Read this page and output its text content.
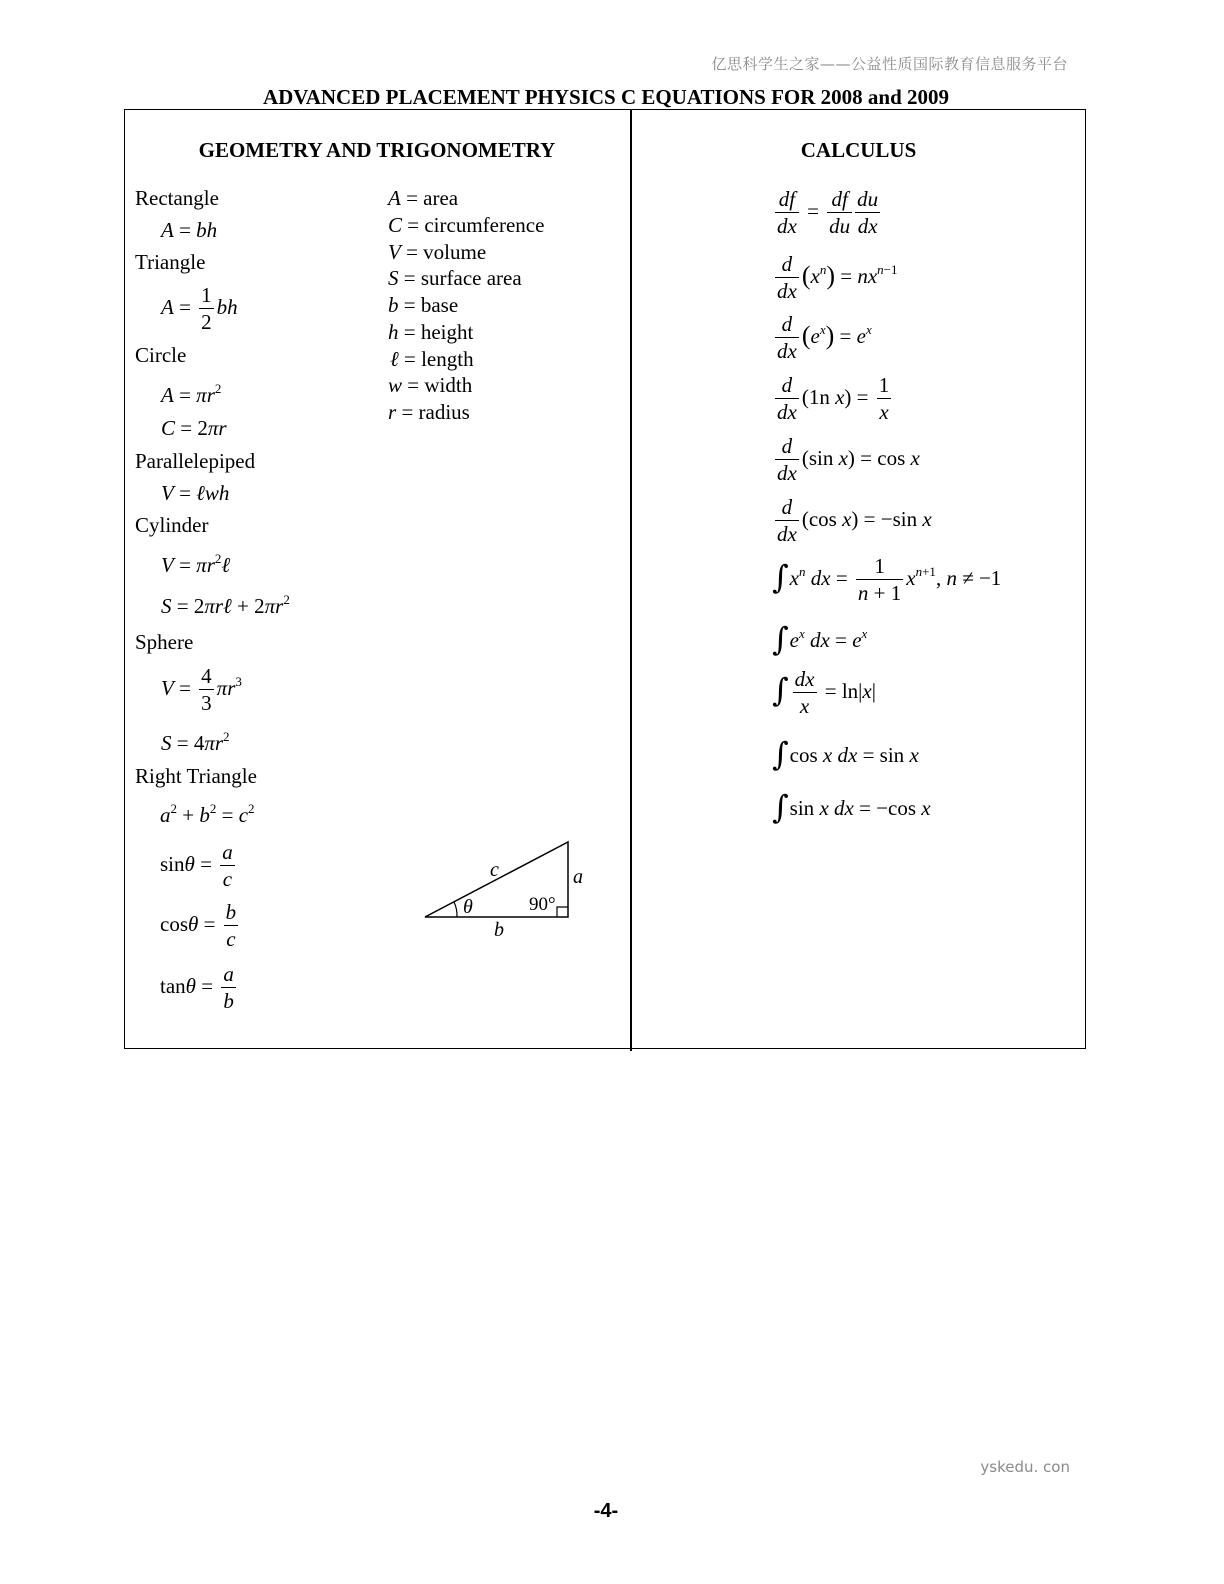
亿思科学生之家——公益性质国际教育信息服务平台
ADVANCED PLACEMENT PHYSICS C EQUATIONS FOR 2008 and 2009
GEOMETRY AND TRIGONOMETRY
Rectangle
A = bh
Triangle
$A = \frac{1}{2}$ bh
Circle
$A = \pi r^2$
C = 2πr
Parallelepiped
V = ℓwh
Cylinder
$V = \pi r^2\ell$
S = 2πrℓ + $2\pi r^2$
Sphere
$V = \frac{4}{3} \pi r^3$
$S = 4\pi r^2$
Right Triangle
$a^2 + b^2 = c^2$
$\sin\theta = \frac{a}{c}$
$\cos\theta = \frac{b}{c}$
$\tan\theta = \frac{a}{b}$
A = area
C = circumference
V = volume
S = surface area
b = base
h = height
ℓ = length
w = width
r = radius
c	a
b
θ	90°
CALCULUS
$\frac{df}{dx} = \frac{df}{du} \frac{du}{dx}$
$\frac{d}{dx} (x^n) = nx^{n-1}$
$\frac{d}{dx} (e^x) = e^x$
$\frac{d}{dx} (1n$ $x) = \frac{1}{x}$
$\frac{d}{dx} (\sin$ x) = cos x
$\frac{d}{dx} (\cos$ x) = −sin x
$\int x^n$ dx = $\frac{1}{n + 1} x^{n+1}$, n ≠ −1
$\int e^x$ dx = $e^x$
∫ $\frac{dx}{x} = \ln|x|$
∫cos x dx = sin x
∫sin x dx = −cos x
yskedu. con
-4-
